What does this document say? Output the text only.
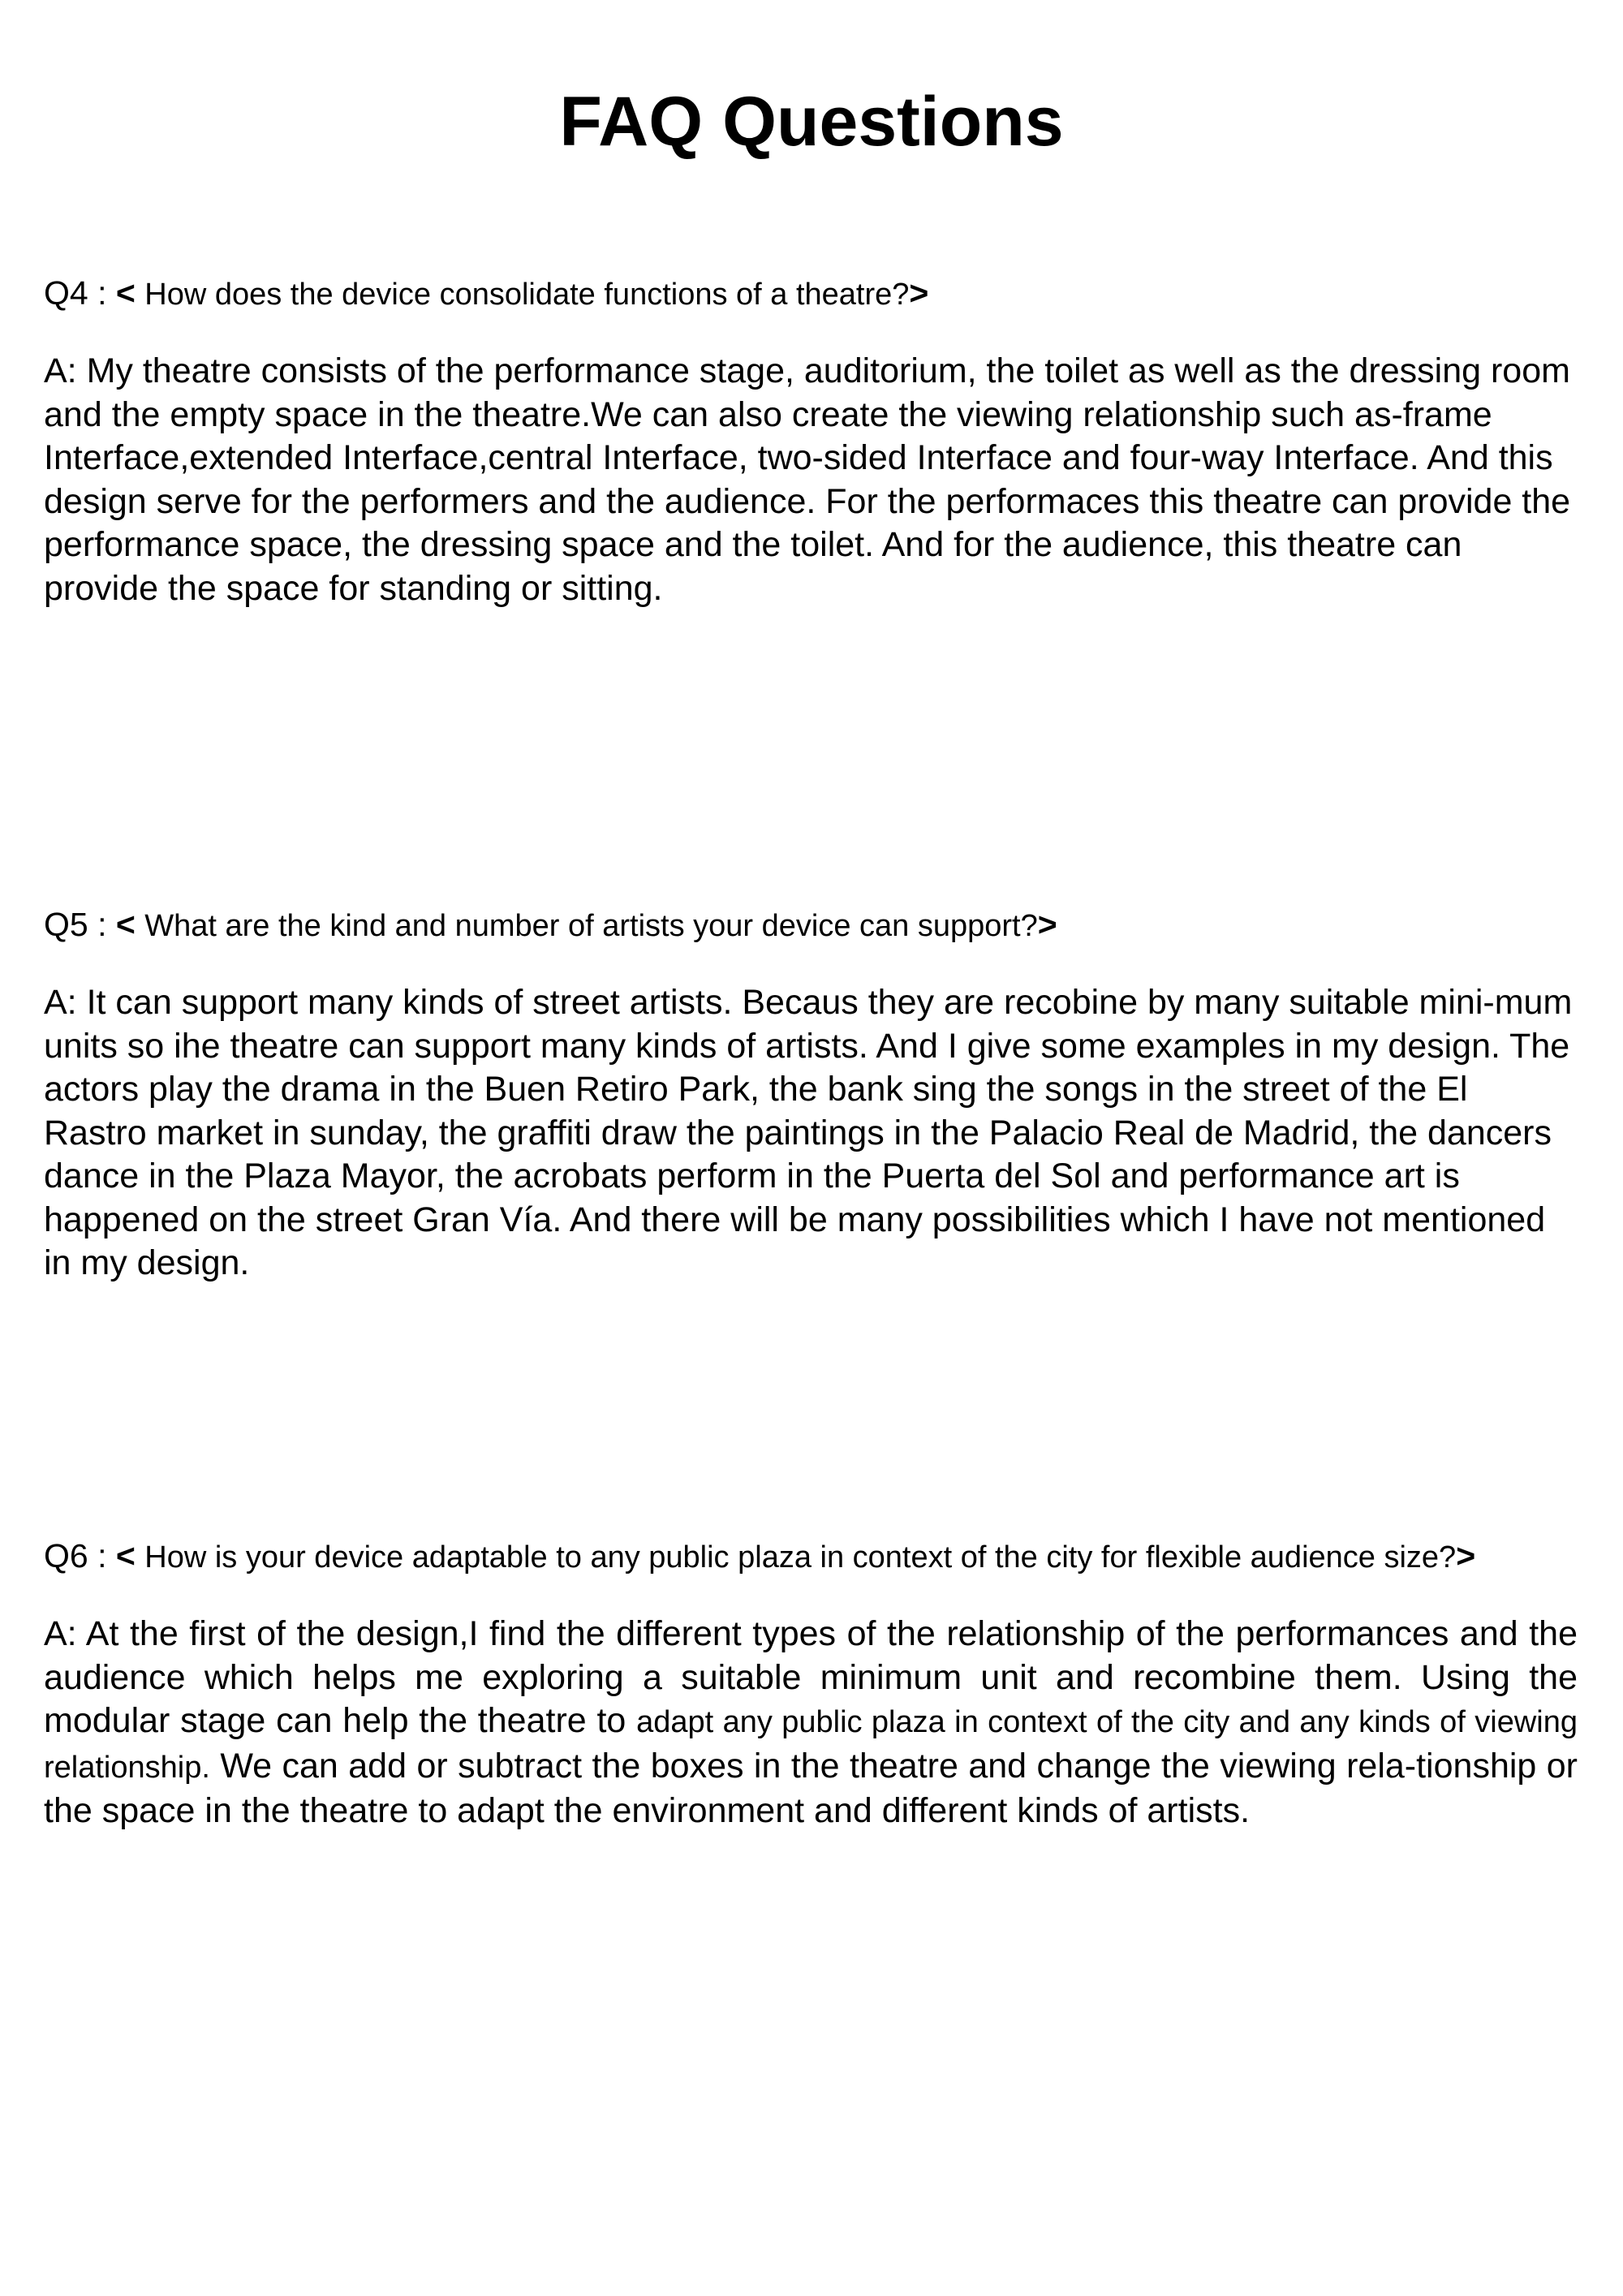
FAQ Questions

Q4 : < How does the device consolidate functions of a theatre?>

A: My theatre consists of the performance stage, auditorium, the toilet as well as the dressing room and the empty space in the theatre.We can also create the viewing relationship such as-frame Interface,extended Interface,central Interface, two-sided Interface and four-way Interface. And this design serve for the performers and the audience. For the performaces this theatre can provide the performance space, the dressing space and the toilet. And for the audience, this theatre can provide the space for standing or sitting.

Q5 : < What are the kind and number of artists your device can support?>

A: It can support many kinds of street artists. Becaus they are recobine by many suitable mini-mum units so ihe theatre can support many kinds of artists. And I give some examples in my design. The actors play the drama in the Buen Retiro Park, the bank sing the songs in the street of the El Rastro market in sunday, the graffiti draw the paintings in the Palacio Real de Madrid, the dancers dance in the Plaza Mayor, the acrobats perform in the Puerta del Sol and performance art is happened on the street Gran Vía. And there will be many possibilities which I have not mentioned in my design.

Q6 : < How is your device adaptable to any public plaza in context of the city for flexible audience size?>

A: At the first of the design,I find the different types of the relationship of the performances and the audience which helps me exploring a suitable minimum unit and recombine them. Using the modular stage can help the theatre to adapt any public plaza in context of the city and any kinds of viewing relationship. We can add or subtract the boxes in the theatre and change the viewing rela-tionship or the space in the theatre to adapt the environment and different kinds of artists.
